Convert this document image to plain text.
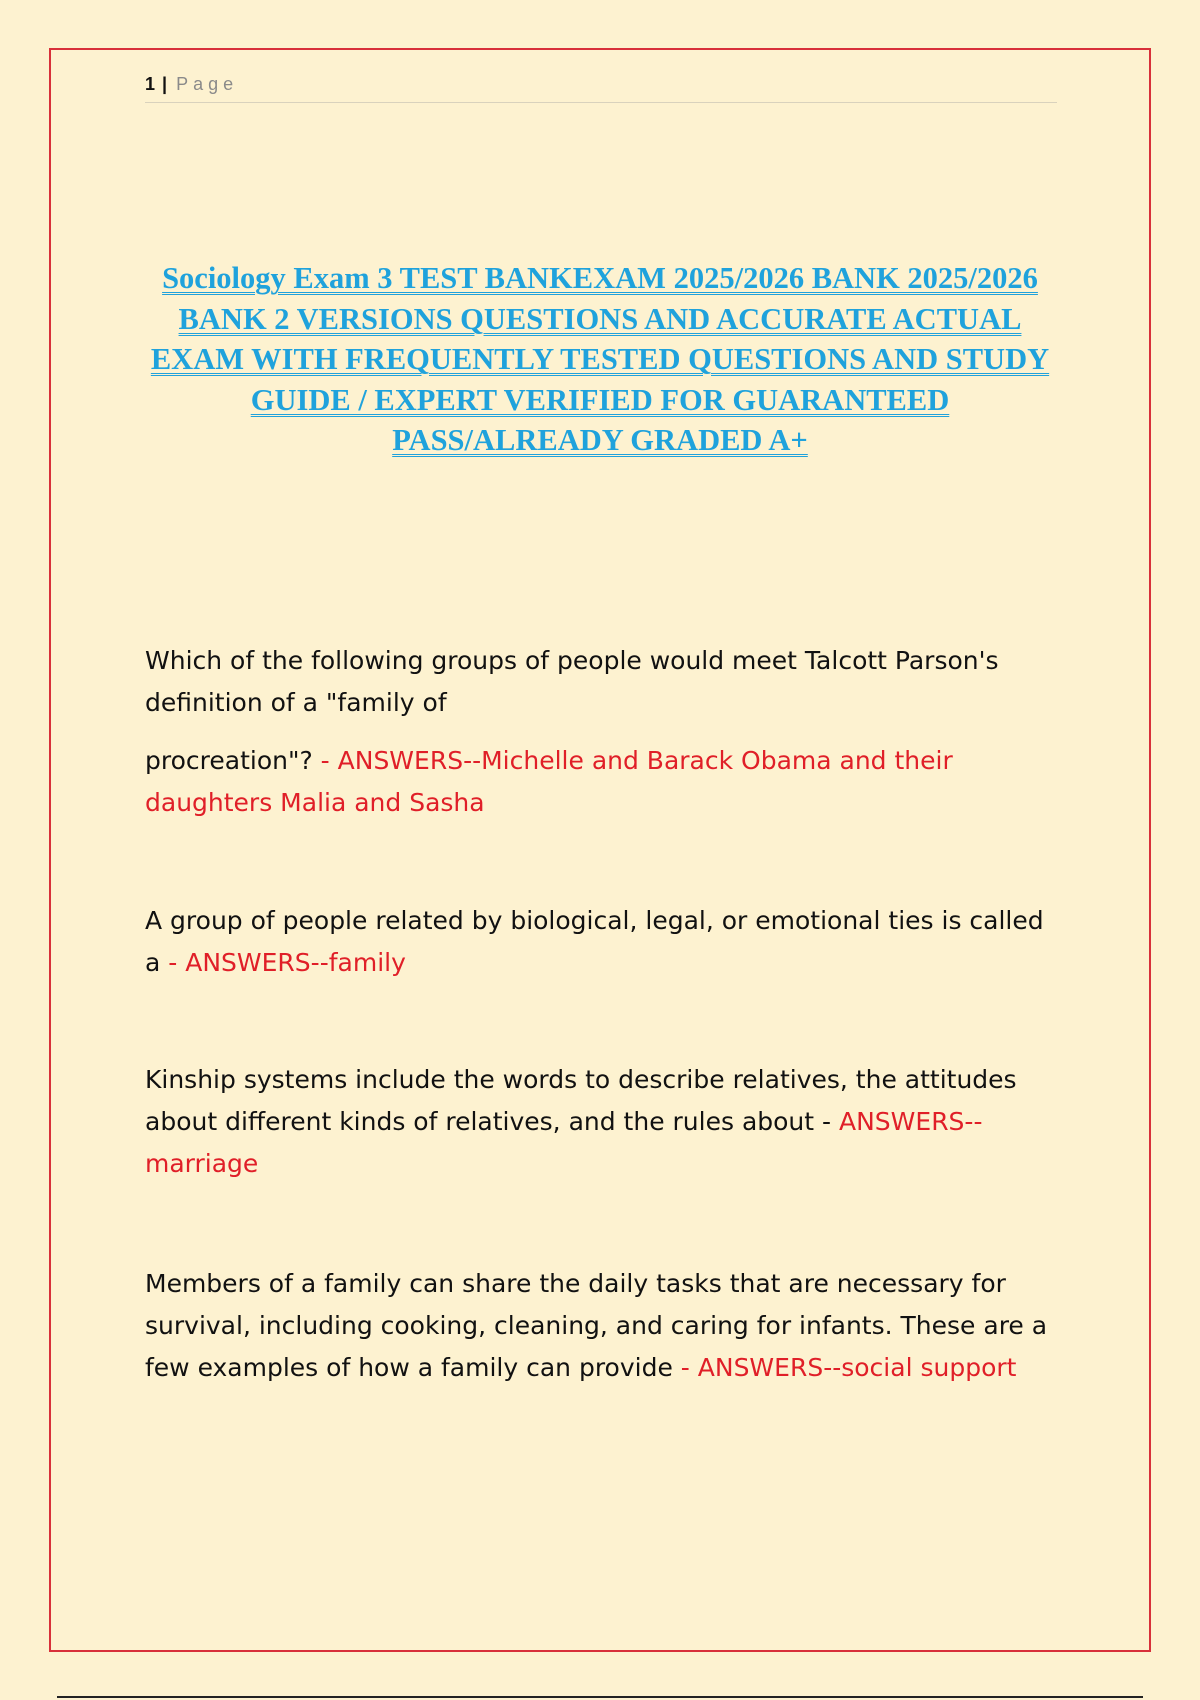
1 | Page
Sociology Exam 3 TEST BANKEXAM 2025/2026 BANK 2025/2026 BANK 2 VERSIONS QUESTIONS AND ACCURATE ACTUAL EXAM WITH FREQUENTLY TESTED QUESTIONS AND STUDY GUIDE / EXPERT VERIFIED FOR GUARANTEED PASS/ALREADY GRADED A+

Which of the following groups of people would meet Talcott Parson's definition of a "family of

procreation"? - ANSWERS--Michelle and Barack Obama and their daughters Malia and Sasha

A group of people related by biological, legal, or emotional ties is called a - ANSWERS--family

Kinship systems include the words to describe relatives, the attitudes about different kinds of relatives, and the rules about - ANSWERS--marriage

Members of a family can share the daily tasks that are necessary for survival, including cooking, cleaning, and caring for infants. These are a few examples of how a family can provide - ANSWERS--social support
